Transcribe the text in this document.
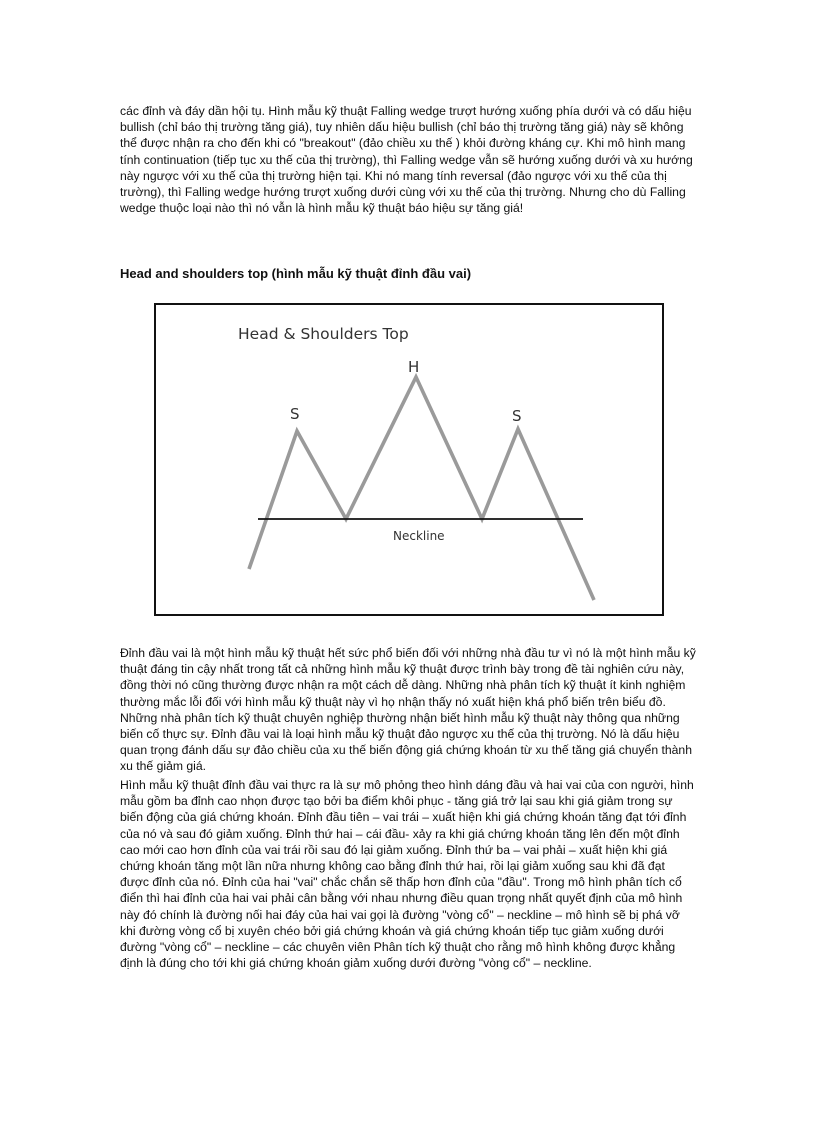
các đỉnh và đáy dần hội tụ. Hình mẫu kỹ thuật Falling wedge trượt hướng xuống phía dưới và có dấu hiệu bullish (chỉ báo thị trường tăng giá), tuy nhiên dấu hiệu bullish (chỉ báo thị trường tăng giá) này sẽ không thể được nhận ra cho đến khi có "breakout" (đảo chiều xu thế ) khỏi đường kháng cự. Khi mô hình mang tính continuation (tiếp tục xu thế của thị trường), thì Falling wedge vẫn sẽ hướng xuống dưới và xu hướng này ngược với xu thế của thị trường hiện tại. Khi nó mang tính reversal (đảo ngược với xu thế của thị trường), thì Falling wedge hướng trượt xuống dưới cùng với xu thế của thị trường. Nhưng cho dù Falling wedge thuộc loại nào thì nó vẫn là hình mẫu kỹ thuật báo hiệu sự tăng giá!

Head and shoulders top (hình mẫu kỹ thuật đỉnh đầu vai)

Head & Shoulders Top
S
H
S
Neckline

Đỉnh đầu vai là một hình mẫu kỹ thuật hết sức phổ biến đối với những nhà đầu tư vì nó là một hình mẫu kỹ thuật đáng tin cậy nhất trong tất cả những hình mẫu kỹ thuật được trình bày trong đề tài nghiên cứu này, đồng thời nó cũng thường được nhận ra một cách dễ dàng. Những nhà phân tích kỹ thuật ít kinh nghiệm thường mắc lỗi đối với hình mẫu kỹ thuật này vì họ nhận thấy nó xuất hiện khá phổ biến trên biểu đồ. Những nhà phân tích kỹ thuật chuyên nghiệp thường nhận biết hình mẫu kỹ thuật này thông qua những biến cố thực sự. Đỉnh đầu vai là loại hình mẫu kỹ thuật đảo ngược xu thế của thị trường. Nó là dấu hiệu quan trọng đánh dấu sự đảo chiều của xu thế biến động giá chứng khoán từ xu thế tăng giá chuyển thành xu thế giảm giá.

Hình mẫu kỹ thuật đỉnh đầu vai thực ra là sự mô phỏng theo hình dáng đầu và hai vai của con người, hình mẫu gồm ba đỉnh cao nhọn được tạo bởi ba điểm khôi phục - tăng giá trở lại sau khi giá giảm trong sự biến động của giá chứng khoán. Đỉnh đầu tiên – vai trái – xuất hiện khi giá chứng khoán tăng đạt tới đỉnh của nó và sau đó giảm xuống. Đỉnh thứ hai – cái đầu- xảy ra khi giá chứng khoán tăng lên đến một đỉnh cao mới cao hơn đỉnh của vai trái rồi sau đó lại giảm xuống. Đỉnh thứ ba – vai phải – xuất hiện khi giá chứng khoán tăng một lần nữa nhưng không cao bằng đỉnh thứ hai, rồi lại giảm xuống sau khi đã đạt được đỉnh của nó. Đỉnh của hai "vai" chắc chắn sẽ thấp hơn đỉnh của "đầu". Trong mô hình phân tích cổ điển thì hai đỉnh của hai vai phải cân bằng với nhau nhưng điều quan trọng nhất quyết định của mô hình này đó chính là đường nối hai đáy của hai vai gọi là đường "vòng cổ" – neckline – mô hình sẽ bị phá vỡ khi đường vòng cổ bị xuyên chéo bởi giá chứng khoán và giá chứng khoán tiếp tục giảm xuống dưới đường "vòng cổ" – neckline – các chuyên viên Phân tích kỹ thuật cho rằng mô hình không được khẳng định là đúng cho tới khi giá chứng khoán giảm xuống dưới đường "vòng cổ" – neckline.
